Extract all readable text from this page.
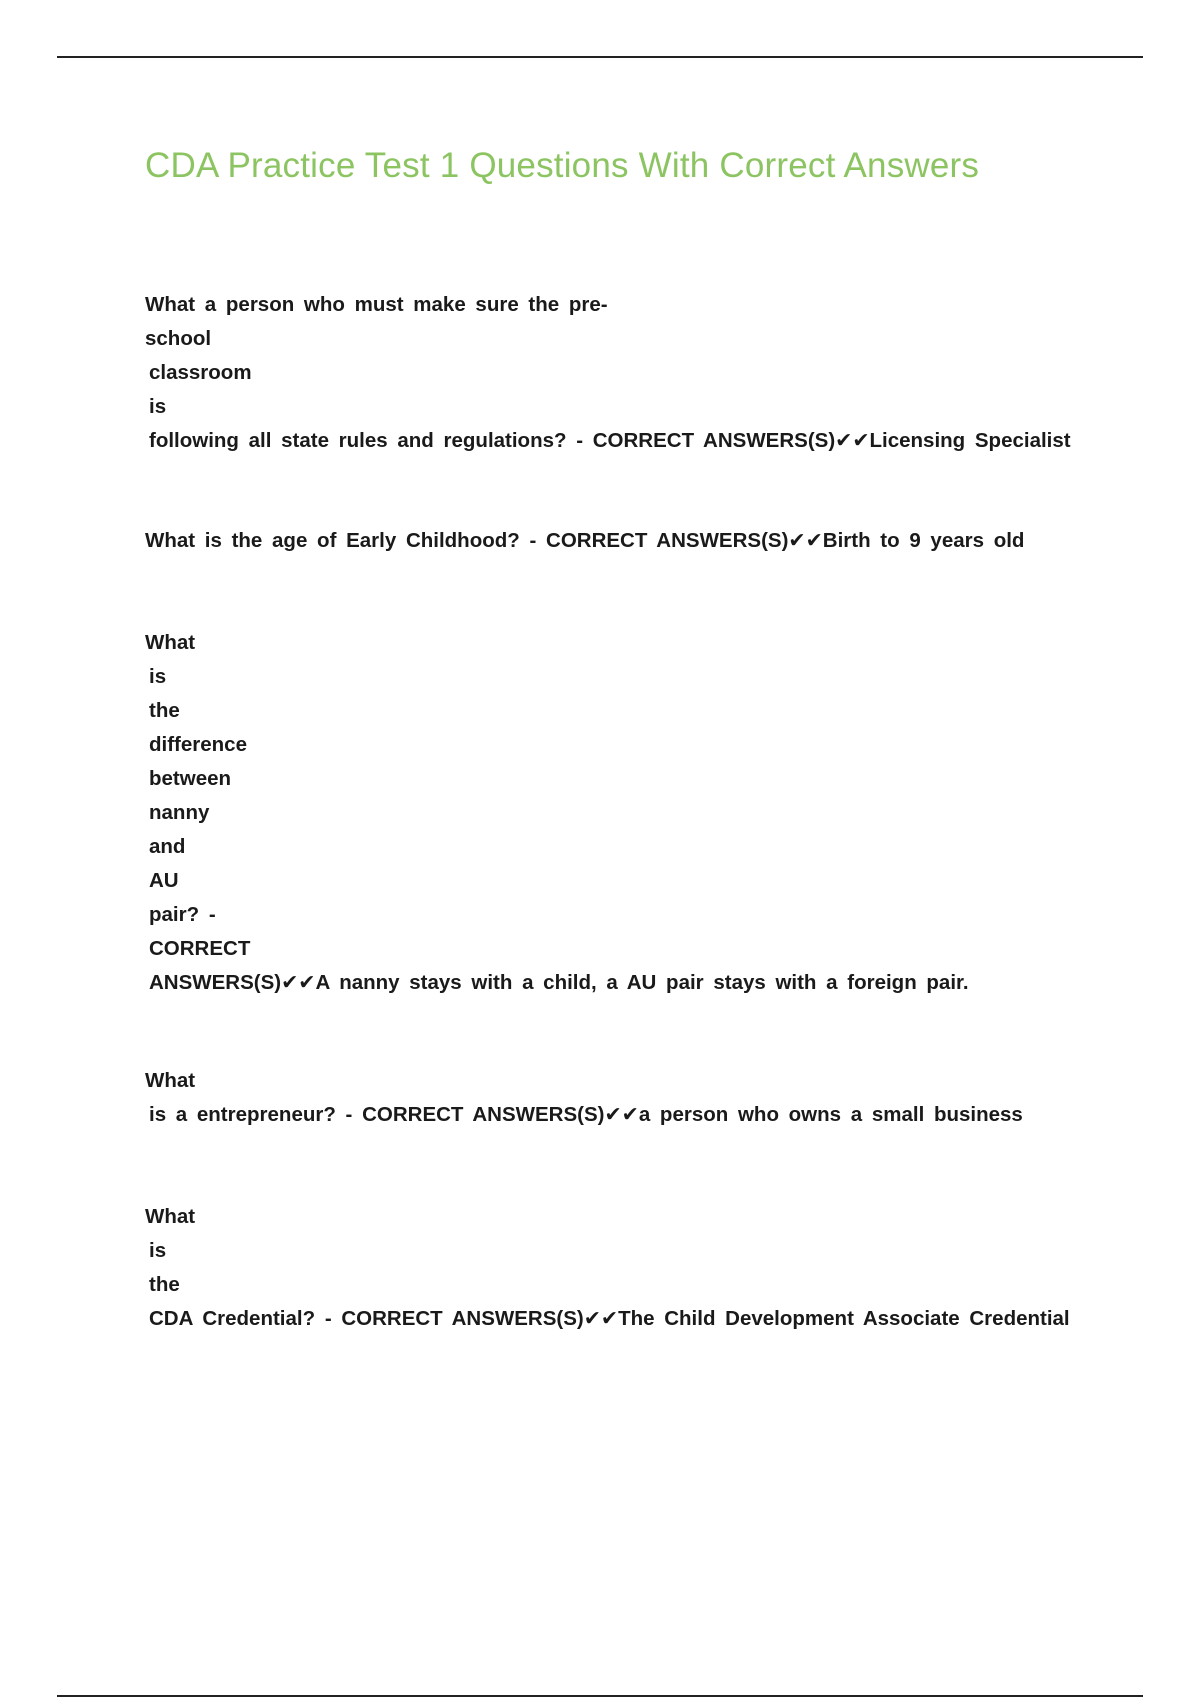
CDA Practice Test 1 Questions With Correct Answers
What a person who must make sure the pre-
school
classroom
is
following all state rules and regulations? - CORRECT ANSWERS(S)✔✔Licensing Specialist
What is the age of Early Childhood? - CORRECT ANSWERS(S)✔✔Birth to 9 years old
What
is
the
difference
between
nanny
and
AU
pair? -
CORRECT
ANSWERS(S)✔✔A nanny stays with a child, a AU pair stays with a foreign pair.
What
is a entrepreneur? - CORRECT ANSWERS(S)✔✔a person who owns a small business
What
is
the
CDA Credential? - CORRECT ANSWERS(S)✔✔The Child Development Associate Credential
